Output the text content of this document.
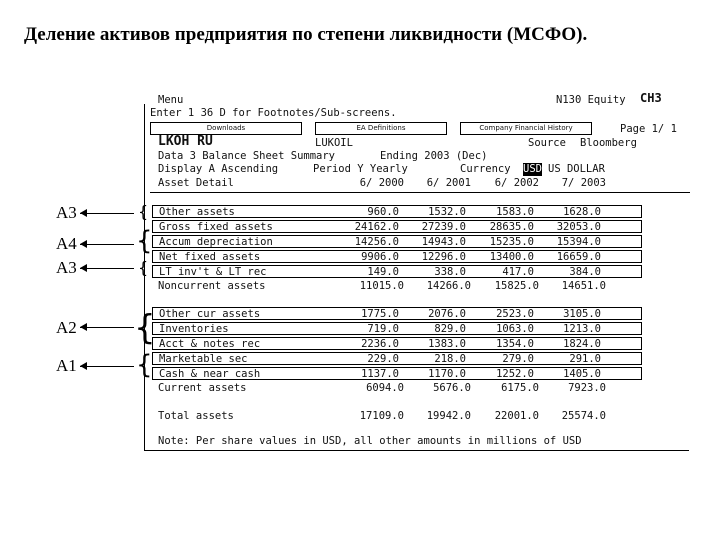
Деление активов предприятия по степени ликвидности (МСФО).
A3
A4
A3
A2
A1
{
{
{
{
{
Menu	N130 Equity CH3
Enter 1 36 D for Footnotes/Sub-screens.
Downloads	EA Definitions	Company Financial History	Page 1/ 1
LKOH RU	LUKOIL	Source Bloomberg
Data 3 Balance Sheet Summary	Ending 2003 (Dec)
Display A Ascending	Period Y Yearly	Currency USD US DOLLAR
Asset Detail	6/ 2000	6/ 2001	6/ 2002	7/ 2003
Other assets	960.0	1532.0	1583.0	1628.0
Gross fixed assets	24162.0	27239.0	28635.0	32053.0
Accum depreciation	14256.0	14943.0	15235.0	15394.0
Net fixed assets	9906.0	12296.0	13400.0	16659.0
LT inv't & LT rec	149.0	338.0	417.0	384.0
Noncurrent assets	11015.0	14266.0	15825.0	14651.0
Other cur assets	1775.0	2076.0	2523.0	3105.0
Inventories	719.0	829.0	1063.0	1213.0
Acct & notes rec	2236.0	1383.0	1354.0	1824.0
Marketable sec	229.0	218.0	279.0	291.0
Cash & near cash	1137.0	1170.0	1252.0	1405.0
Current assets	6094.0	5676.0	6175.0	7923.0
Total assets	17109.0	19942.0	22001.0	25574.0
Note: Per share values in USD, all other amounts in millions of USD
